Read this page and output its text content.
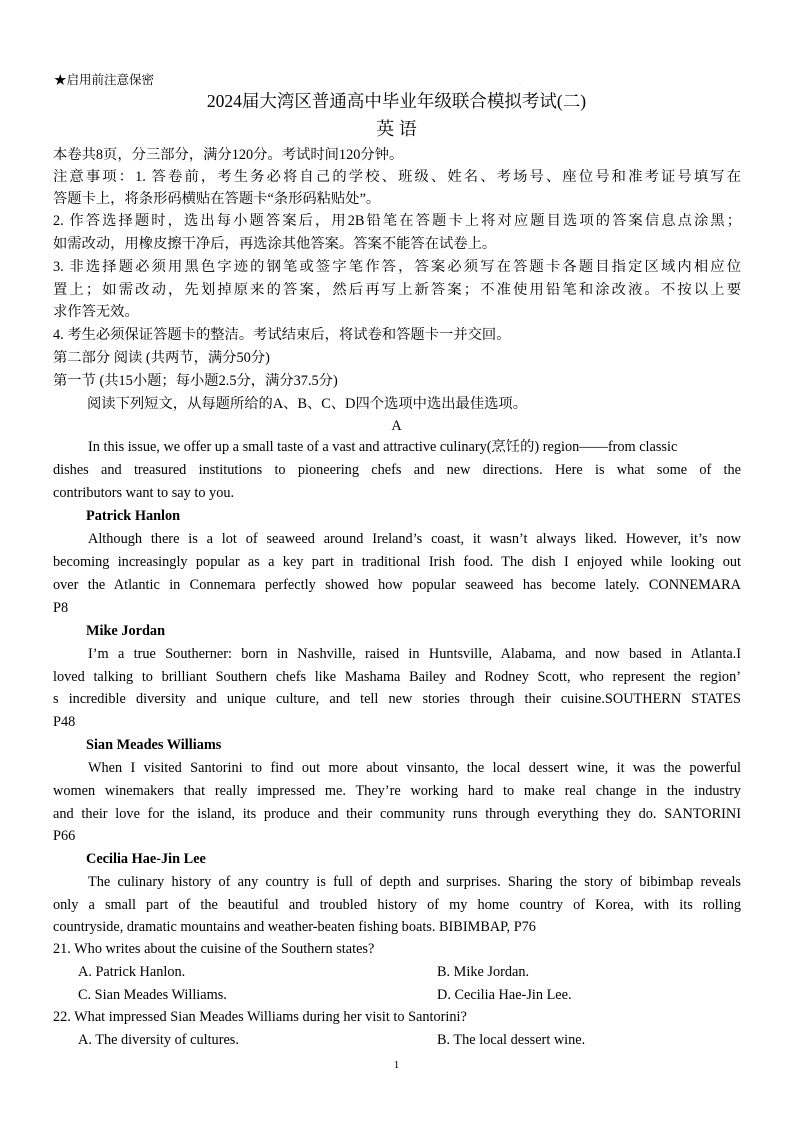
·
★启用前注意保密
2024届大湾区普通高中毕业年级联合模拟考试(二)
英 语
本卷共8页，分三部分，满分120分。考试时间120分钟。
注意事项：1. 答卷前，考生务必将自己的学校、班级、姓名、考场号、座位号和准考证号填写在
答题卡上，将条形码横贴在答题卡“条形码粘贴处”。
2. 作答选择题时，选出每小题答案后，用2B铅笔在答题卡上将对应题目选项的答案信息点涂黑；
如需改动，用橡皮擦干净后，再选涂其他答案。答案不能答在试卷上。
3. 非选择题必须用黑色字迹的钢笔或签字笔作答，答案必须写在答题卡各题目指定区域内相应位
置上；如需改动，先划掉原来的答案，然后再写上新答案；不准使用铅笔和涂改液。不按以上要
求作答无效。
4. 考生必须保证答题卡的整洁。考试结束后，将试卷和答题卡一并交回。
第二部分 阅读 (共两节，满分50分)
第一节 (共15小题；每小题2.5分，满分37.5分)
阅读下列短文，从每题所给的A、B、C、D四个选项中选出最佳选项。
A
In this issue, we offer up a small taste of a vast and attractive culinary(烹饪的) region——from classic
dishes and treasured institutions to pioneering chefs and new directions. Here is what some of the
contributors want to say to you.
Patrick Hanlon
Although there is a lot of seaweed around Ireland’s coast, it wasn’t always liked. However, it’s now
becoming increasingly popular as a key part in traditional Irish food. The dish I enjoyed while looking out
over the Atlantic in Connemara perfectly showed how popular seaweed has become lately. CONNEMARA
P8
Mike Jordan
I’m a true Southerner: born in Nashville, raised in Huntsville, Alabama, and now based in Atlanta.I
loved talking to brilliant Southern chefs like Mashama Bailey and Rodney Scott, who represent the region’
s incredible diversity and unique culture, and tell new stories through their cuisine.SOUTHERN STATES
P48
Sian Meades Williams
When I visited Santorini to find out more about vinsanto, the local dessert wine, it was the powerful
women winemakers that really impressed me. They’re working hard to make real change in the industry
and their love for the island, its produce and their community runs through everything they do. SANTORINI
P66
Cecilia Hae-Jin Lee
The culinary history of any country is full of depth and surprises. Sharing the story of bibimbap reveals
only a small part of the beautiful and troubled history of my home country of Korea, with its rolling
countryside, dramatic mountains and weather-beaten fishing boats. BIBIMBAP, P76
21. Who writes about the cuisine of the Southern states?
A. Patrick Hanlon.	B. Mike Jordan.
C. Sian Meades Williams.	D. Cecilia Hae-Jin Lee.
22. What impressed Sian Meades Williams during her visit to Santorini?
A. The diversity of cultures.	B. The local dessert wine.
1
